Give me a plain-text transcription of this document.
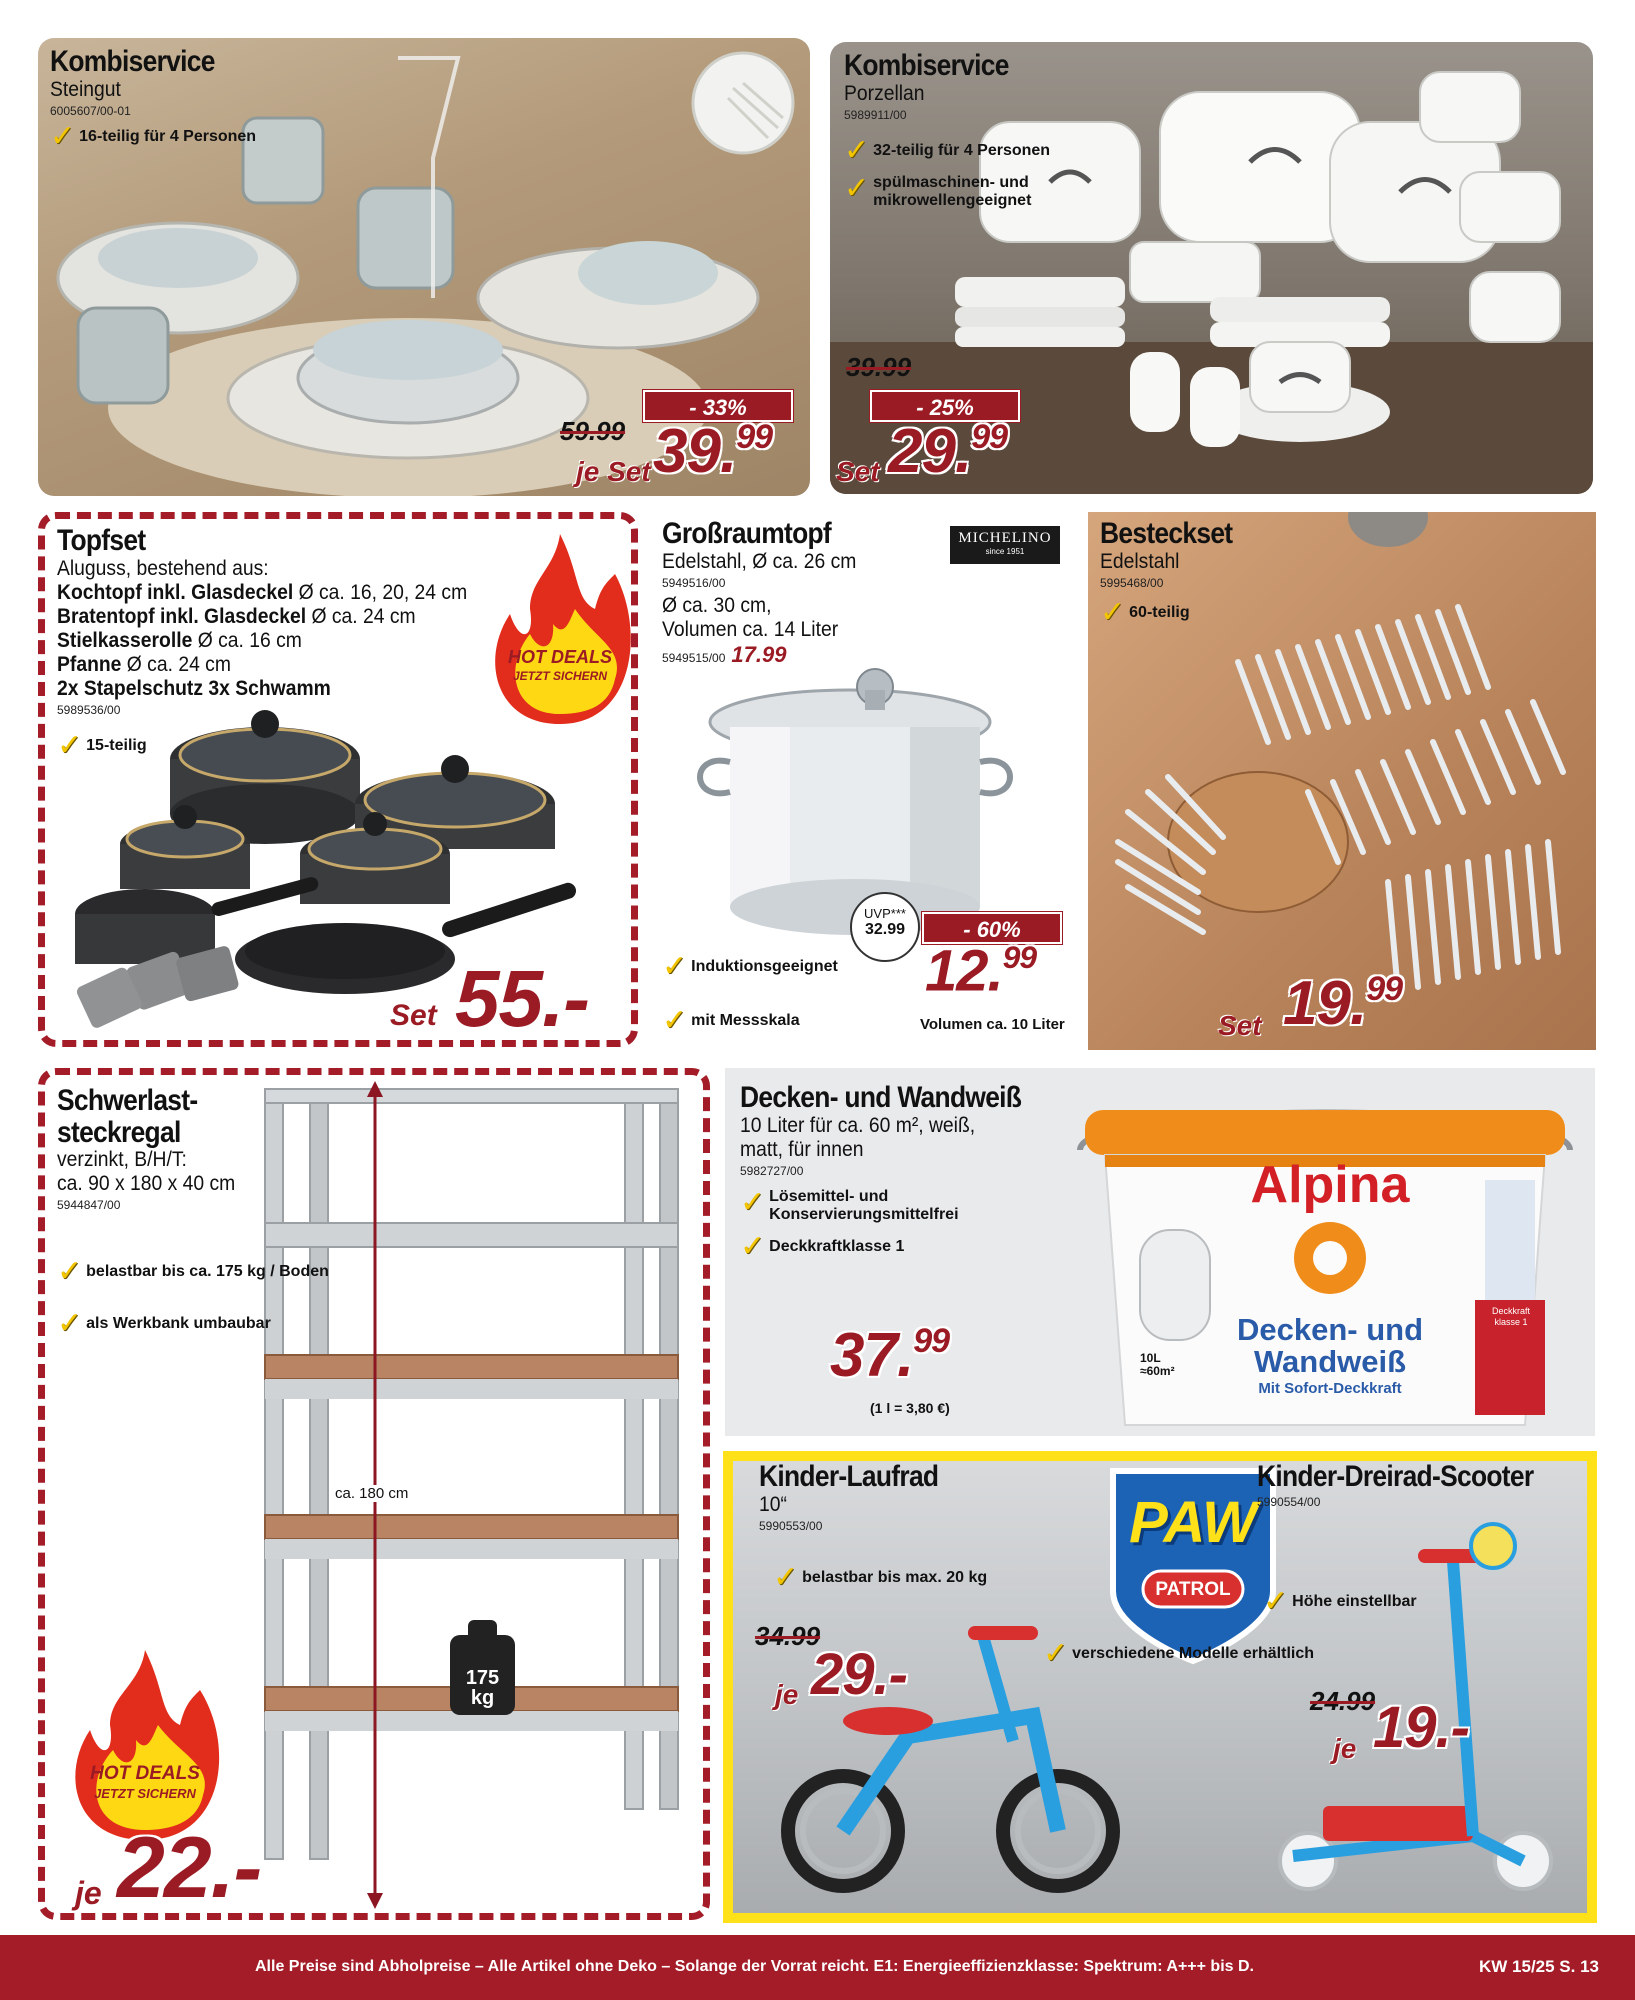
Kombiservice
Steingut
6005607/00-01
✓ 16-teilig für 4 Personen
- 33%
59.99
je Set 39.99
Kombiservice
Porzellan
5989911/00
✓ 32-teilig für 4 Personen
✓ spülmaschinen- und
mikrowellengeeignet
39.99
- 25%
Set 29.99
Topfset
Aluguss, bestehend aus:
Kochtopf inkl. Glasdeckel Ø ca. 16, 20, 24 cm
Bratentopf inkl. Glasdeckel Ø ca. 24 cm
Stielkasserolle Ø ca. 16 cm
Pfanne Ø ca. 24 cm
2x Stapelschutz 3x Schwamm
5989536/00
✓ 15-teilig
HOT DEALS
JETZT SICHERN
Set 55.-
Großraumtopf
Edelstahl, Ø ca. 26 cm
5949516/00
Ø ca. 30 cm,
Volumen ca. 14 Liter
5949515/00 17.99
MICHELINO
since 1951
UVP***
32.99	- 60%
12.99
✓ Induktionsgeeignet
✓ mit Messskala	Volumen ca. 10 Liter
Besteckset
Edelstahl
5995468/00
✓ 60-teilig
Set 19.99
Schwerlast-
steckregal
verzinkt, B/H/T:
ca. 90 x 180 x 40 cm
5944847/00
✓ belastbar bis ca. 175 kg / Boden
✓ als Werkbank umbaubar
ca. 180 cm
175
kg
HOT DEALS
JETZT SICHERN
je 22.-
Decken- und Wandweiß
10 Liter für ca. 60 m², weiß,
matt, für innen
5982727/00
✓ Lösemittel- und
Konservierungsmittelfrei
✓ Deckkraftklasse 1
37.99
(1 l = 3,80 €)
Alpina
Decken- und
Wandweiß
Mit Sofort-Deckkraft
10L
≈60m²
Deckkraft
klasse 1
PAW
PATROL
Kinder-Laufrad
10“
5990553/00
✓ belastbar bis max. 20 kg
34.99
je 29.-
Kinder-Dreirad-Scooter
5990554/00
✓ Höhe einstellbar
✓ verschiedene Modelle erhältlich
24.99
je 19.-
Alle Preise sind Abholpreise – Alle Artikel ohne Deko – Solange der Vorrat reicht. E1: Energieeffizienzklasse: Spektrum: A+++ bis D.	KW 15/25 S. 13
